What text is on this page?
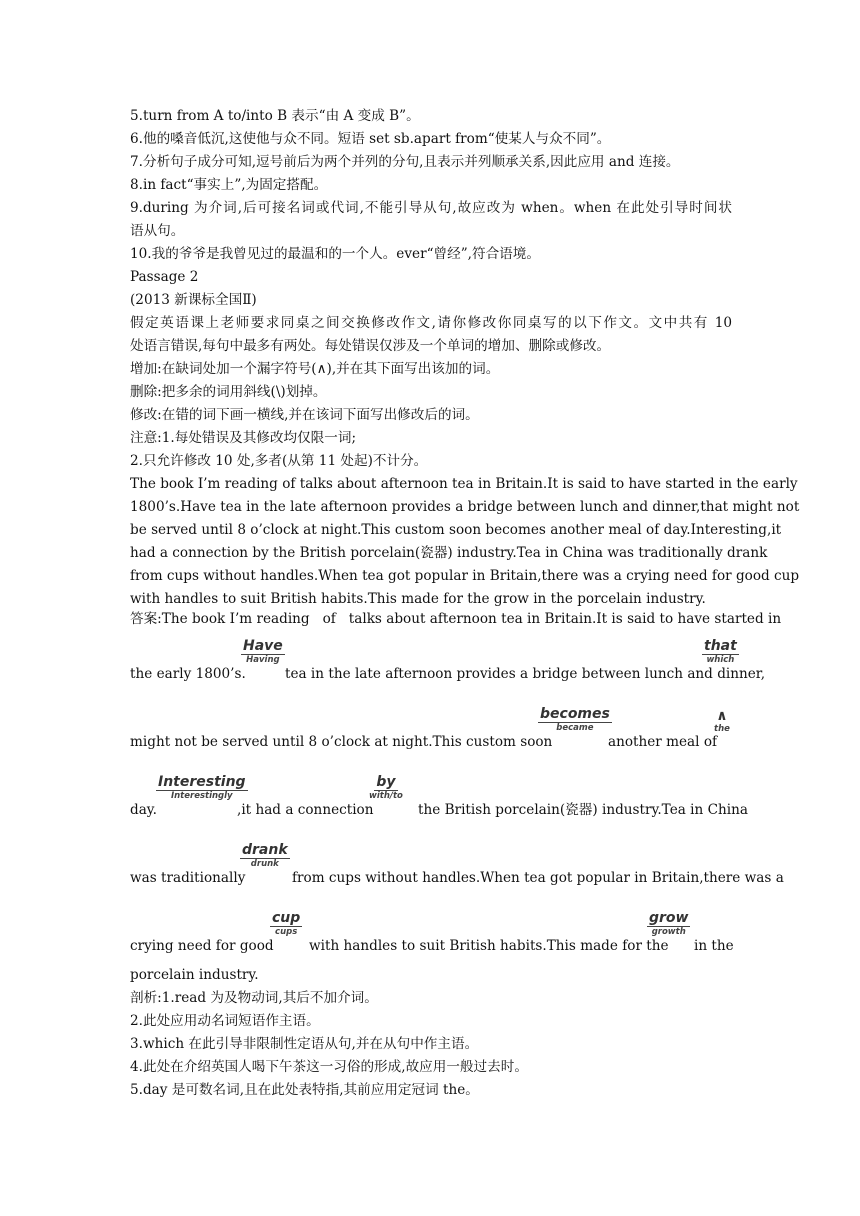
5.turn from A to/into B 表示“由 A 变成 B”。
6.他的嗓音低沉,这使他与众不同。短语 set sb.apart from“使某人与众不同”。
7.分析句子成分可知,逗号前后为两个并列的分句,且表示并列顺承关系,因此应用 and 连接。
8.in fact“事实上”,为固定搭配。
9.during 为介词,后可接名词或代词,不能引导从句,故应改为 when。when 在此处引导时间状
语从句。
10.我的爷爷是我曾见过的最温和的一个人。ever“曾经”,符合语境。
Passage 2
(2013 新课标全国Ⅱ)
假定英语课上老师要求同桌之间交换修改作文,请你修改你同桌写的以下作文。文中共有 10
处语言错误,每句中最多有两处。每处错误仅涉及一个单词的增加、删除或修改。
增加:在缺词处加一个漏字符号(∧),并在其下面写出该加的词。
删除:把多余的词用斜线(\)划掉。
修改:在错的词下画一横线,并在该词下面写出修改后的词。
注意:1.每处错误及其修改均仅限一词;
2.只允许修改 10 处,多者(从第 11 处起)不计分。
The book I’m reading of talks about afternoon tea in Britain.It is said to have started in the early
1800’s.Have tea in the late afternoon provides a bridge between lunch and dinner,that might not
be served until 8 o’clock at night.This custom soon becomes another meal of day.Interesting,it
had a connection by the British porcelain(瓷器) industry.Tea in China was traditionally drank
from cups without handles.When tea got popular in Britain,there was a crying need for good cup
with handles to suit British habits.This made for the grow in the porcelain industry.
答案:The book I’m reading   of   talks about afternoon tea in Britain.It is said to have started in
the early 1800’s.
Have
Having
tea in the late afternoon provides a bridge between lunch and dinner,
that
which
might not be served until 8 o’clock at night.This custom soon
becomes
became
another meal of
∧
the
day.
Interesting
Interestingly
,it had a connection
by
with/to
the British porcelain(瓷器) industry.Tea in China
was traditionally
drank
drunk
from cups without handles.When tea got popular in Britain,there was a
crying need for good
cup
cups
with handles to suit British habits.This made for the
grow
growth
in the
porcelain industry.
剖析:1.read 为及物动词,其后不加介词。
2.此处应用动名词短语作主语。
3.which 在此引导非限制性定语从句,并在从句中作主语。
4.此处在介绍英国人喝下午茶这一习俗的形成,故应用一般过去时。
5.day 是可数名词,且在此处表特指,其前应用定冠词 the。
